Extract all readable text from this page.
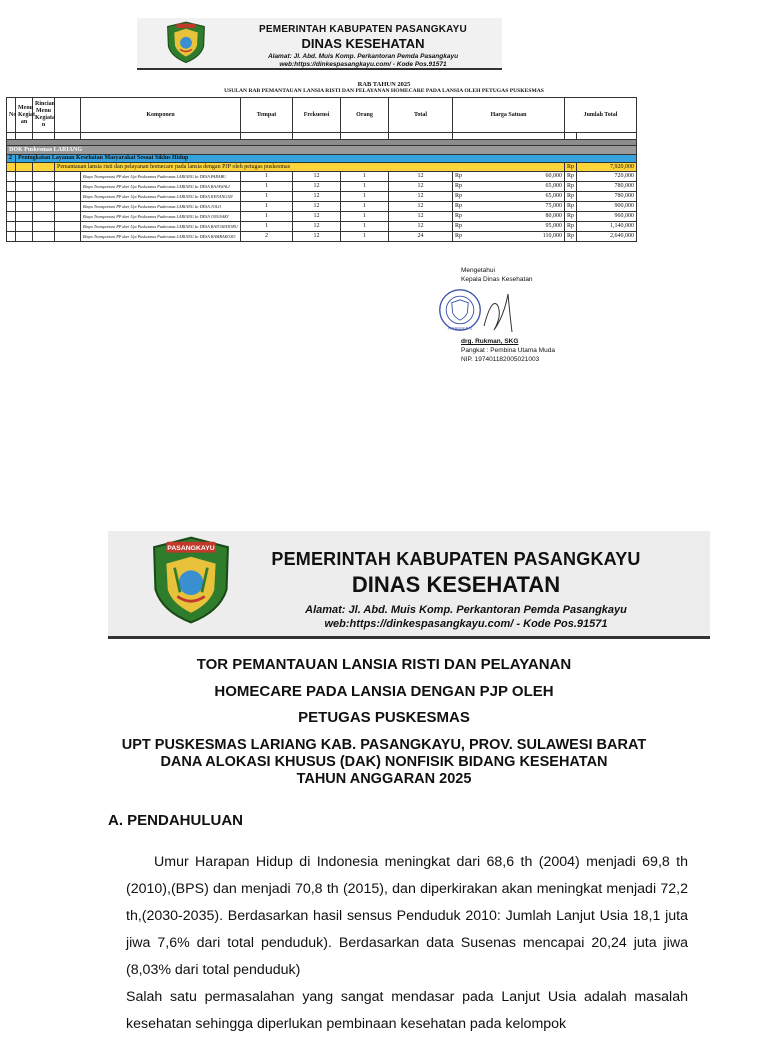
PEMERINTAH KABUPATEN PASANGKAYU
DINAS KESEHATAN
Alamat: Jl. Abd. Muis Komp. Perkantoran Pemda Pasangkayu
web:https://dinkespasangkayu.com/ - Kode Pos.91571
RAB TAHUN 2025
USULAN RAB PEMANTAUAN LANSIA RISTI DAN PELAYANAN HOMECARE PADA LANSIA OLEH PETUGAS PUSKESMAS
No	Menu Kegiat an	Rincian Menu Kegiata n		Komponen	Tempat	Frekuensi	Orang	Total	Harga Satuan	Jumlah Total	

DOK Puskesmas LARIANG											
2	Peningkatan Layanan Kesehatan Masyarakat Sesuai Siklus Hidup										
			Pemantauan lansia risti dan pelayanan homecare pada lansia dengan PJP oleh petugas puskesmas							Rp	7,920,000
				Biaya Transportasi PP dari Upt Puskesmas Puskesmas LARIANG ke DESA PARABU	1	12	1	12	Rp 60,000	Rp	720,000
				Biaya Transportasi PP dari Upt Puskesmas Puskesmas LARIANG ke DESA BAJAWALI	1	12	1	12	Rp 65,000	Rp	780,000
				Biaya Transportasi PP dari Upt Puskesmas Puskesmas LARIANG ke DESA KENANGAN	1	12	1	12	Rp 65,000	Rp	780,000
				Biaya Transportasi PP dari Upt Puskesmas Puskesmas LARIANG ke DESA JOLO	1	12	1	12	Rp 75,000	Rp	900,000
				Biaya Transportasi PP dari Upt Puskesmas Puskesmas LARIANG ke DESA ONGSAKI	1	12	1	12	Rp 80,000	Rp	960,000
				Biaya Transportasi PP dari Upt Puskesmas Puskesmas LARIANG ke DESA BATUMATORU	1	12	1	12	Rp 95,000	Rp	1,140,000
				Biaya Transportasi PP dari Upt Puskesmas Puskesmas LARIANG ke DESA BAMBAKOSO	2	12	1	24	Rp 110,000	Rp	2,640,000
Mengetahui
Kepala Dinas Kesehatan
PASANGKAYU
drg. Rukman, SKG
Pangkat : Pembina Utama Muda
NIP. 197401182005021003
PASANGKAYU
PEMERINTAH KABUPATEN PASANGKAYU
DINAS KESEHATAN
Alamat: Jl. Abd. Muis Komp. Perkantoran Pemda Pasangkayu
web:https://dinkespasangkayu.com/ - Kode Pos.91571
TOR PEMANTAUAN LANSIA RISTI DAN PELAYANAN
HOMECARE PADA LANSIA DENGAN PJP OLEH
PETUGAS PUSKESMAS
UPT PUSKESMAS LARIANG KAB. PASANGKAYU, PROV. SULAWESI BARAT
DANA ALOKASI KHUSUS (DAK) NONFISIK BIDANG KESEHATAN
TAHUN ANGGARAN 2025
A. PENDAHULUAN
Umur Harapan Hidup di Indonesia meningkat dari 68,6 th (2004) menjadi 69,8 th (2010),(BPS) dan menjadi 70,8 th (2015), dan diperkirakan akan meningkat menjadi 72,2 th,(2030-2035). Berdasarkan hasil sensus Penduduk 2010: Jumlah Lanjut Usia 18,1 juta jiwa 7,6% dari total penduduk). Berdasarkan data Susenas mencapai 20,24 juta jiwa (8,03% dari total penduduk)
Salah satu permasalahan yang sangat mendasar pada Lanjut Usia adalah masalah kesehatan sehingga diperlukan pembinaan kesehatan pada kelompok
